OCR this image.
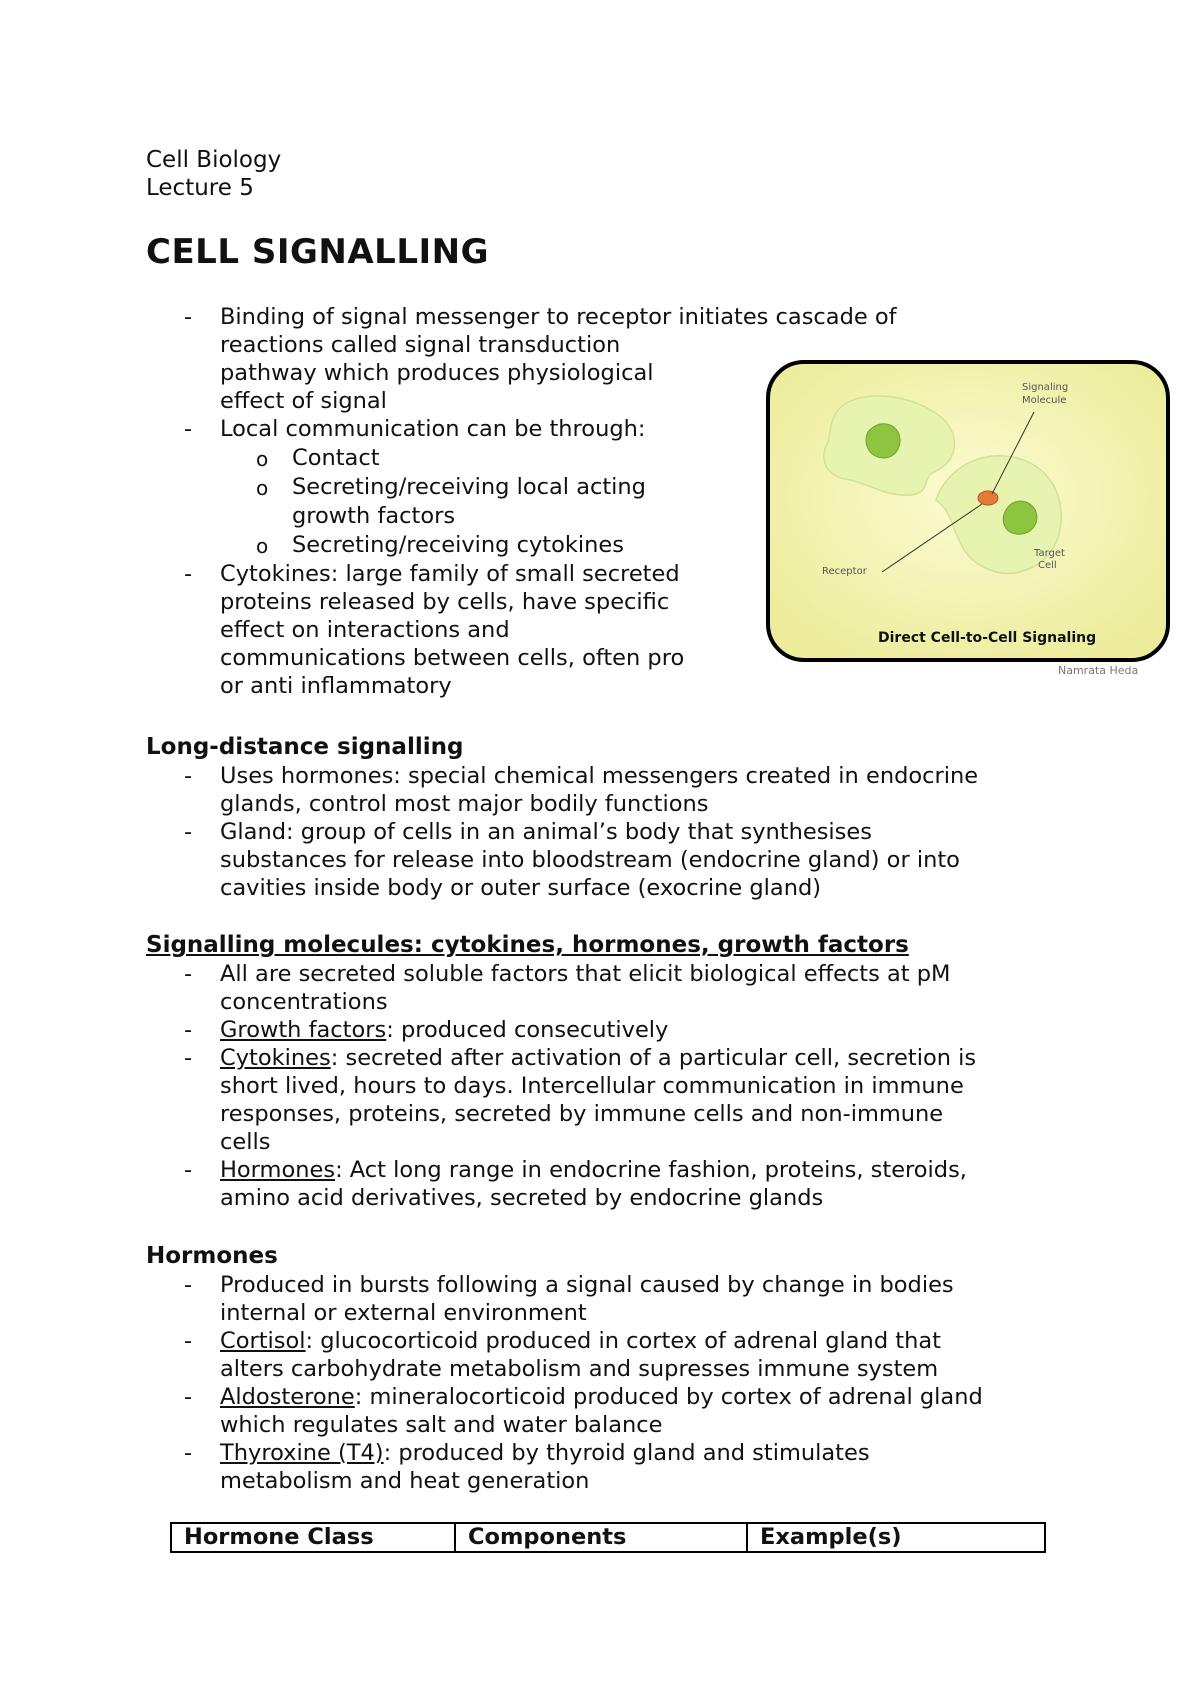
Cell Biology
Lecture 5
CELL SIGNALLING
- Binding of signal messenger to receptor initiates cascade of
reactions called signal transduction
pathway which produces physiological
effect of signal
- Local communication can be through:
o Contact
o Secreting/receiving local acting
growth factors
o Secreting/receiving cytokines
- Cytokines: large family of small secreted
proteins released by cells, have specific
effect on interactions and
communications between cells, often pro
or anti inflammatory
Signaling
Molecule
Receptor
Target
Cell
Direct Cell-to-Cell Signaling
Namrata Heda
Long-distance signalling
- Uses hormones: special chemical messengers created in endocrine
glands, control most major bodily functions
- Gland: group of cells in an animal’s body that synthesises
substances for release into bloodstream (endocrine gland) or into
cavities inside body or outer surface (exocrine gland)
Signalling molecules: cytokines, hormones, growth factors
- All are secreted soluble factors that elicit biological effects at pM
concentrations
- Growth factors: produced consecutively
- Cytokines: secreted after activation of a particular cell, secretion is
short lived, hours to days. Intercellular communication in immune
responses, proteins, secreted by immune cells and non-immune
cells
- Hormones: Act long range in endocrine fashion, proteins, steroids,
amino acid derivatives, secreted by endocrine glands
Hormones
- Produced in bursts following a signal caused by change in bodies
internal or external environment
- Cortisol: glucocorticoid produced in cortex of adrenal gland that
alters carbohydrate metabolism and supresses immune system
- Aldosterone: mineralocorticoid produced by cortex of adrenal gland
which regulates salt and water balance
- Thyroxine (T4): produced by thyroid gland and stimulates
metabolism and heat generation
Hormone Class	Components	Example(s)
